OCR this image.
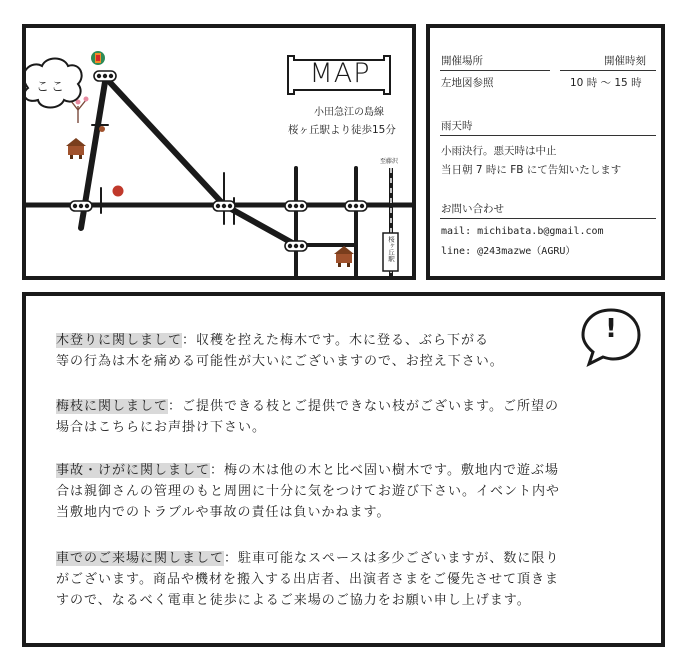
MAP
小田急江の島線
桜ヶ丘駅より徒歩15分
至藤沢
桜ヶ丘駅
ここ
開催場所	開催時刻
左地図参照	10 時 ～ 15 時
雨天時
小雨決行。悪天時は中止
当日朝 7 時に FB にて告知いたします
お問い合わせ
mail: michibata.b@gmail.com
line: @243mazwe（AGRU）
!
木登りに関しまして：収穫を控えた梅木です。木に登る、ぶら下がる
等の行為は木を痛める可能性が大いにございますので、お控え下さい。
梅枝に関しまして：ご提供できる枝とご提供できない枝がございます。ご所望の
場合はこちらにお声掛け下さい。
事故・けがに関しまして：梅の木は他の木と比べ固い樹木です。敷地内で遊ぶ場
合は親御さんの管理のもと周囲に十分に気をつけてお遊び下さい。イベント内や
当敷地内でのトラブルや事故の責任は負いかねます。
車でのご来場に関しまして：駐車可能なスペースは多少ございますが、数に限り
がございます。商品や機材を搬入する出店者、出演者さまをご優先させて頂きま
すので、なるべく電車と徒歩によるご来場のご協力をお願い申し上げます。
